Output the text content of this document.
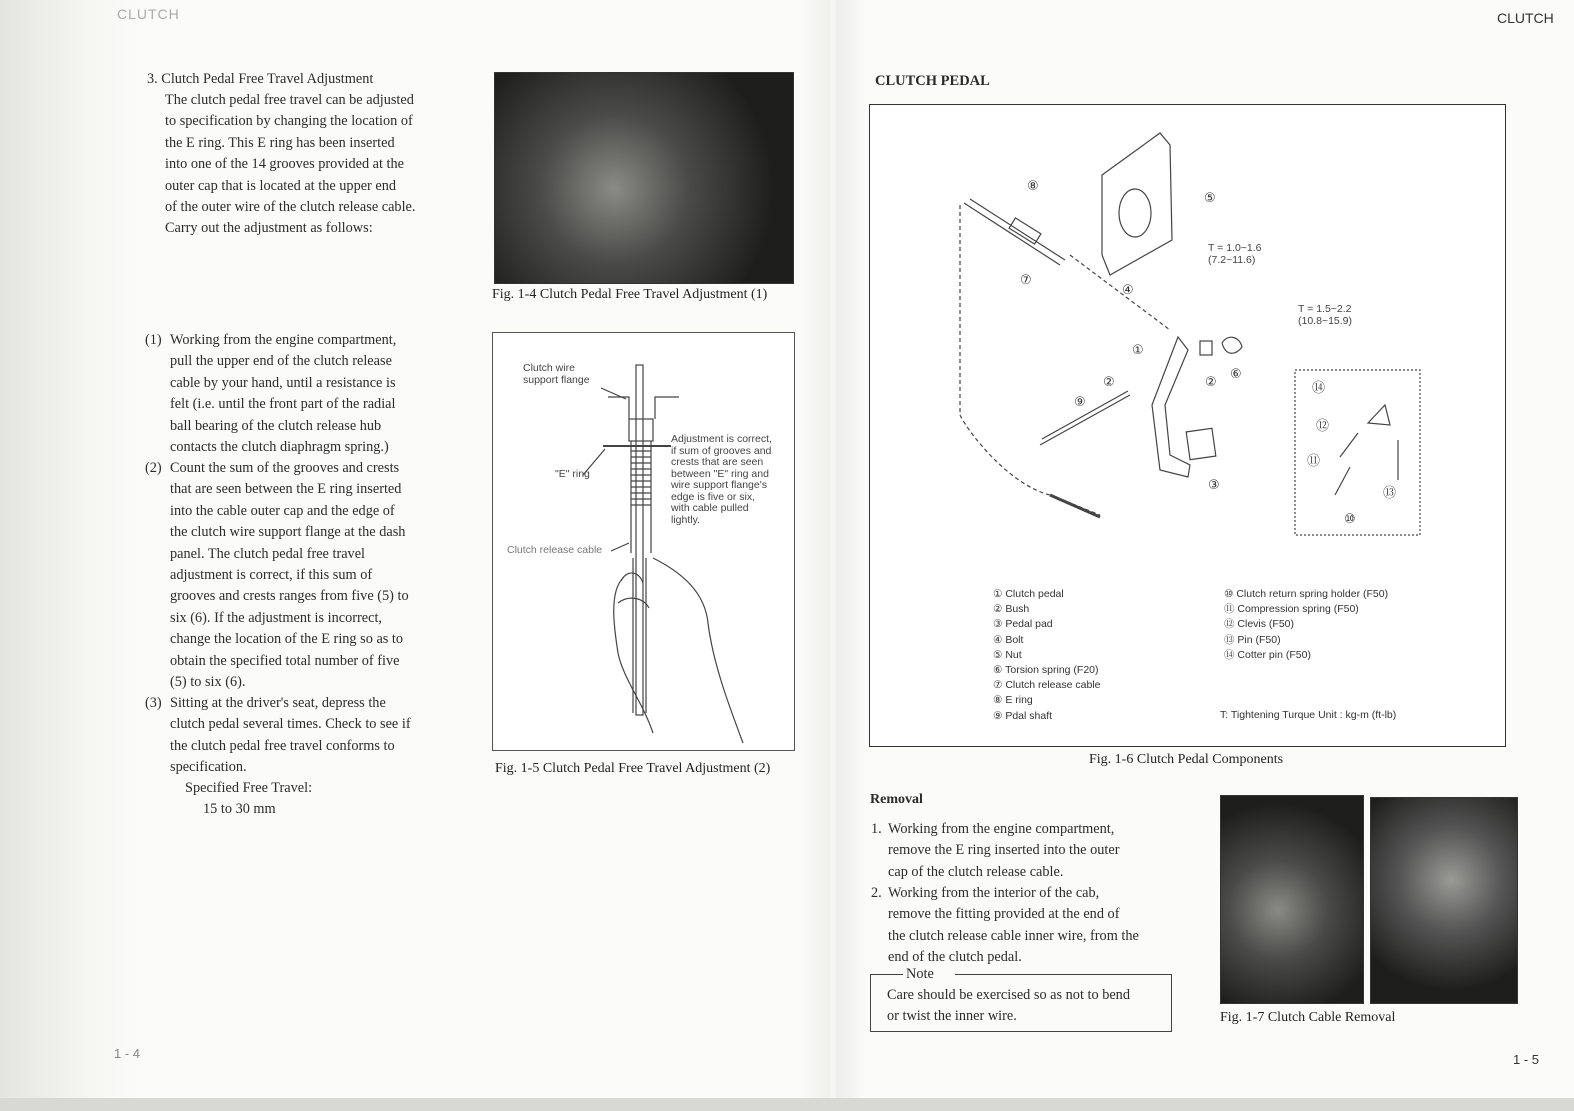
CLUTCH
3. Clutch Pedal Free Travel Adjustment
The clutch pedal free travel can be adjusted
to specification by changing the location of
the E ring. This E ring has been inserted
into one of the 14 grooves provided at the
outer cap that is located at the upper end
of the outer wire of the clutch release cable.
Carry out the adjustment as follows:
(1) Working from the engine compartment,
pull the upper end of the clutch release
cable by your hand, until a resistance is
felt (i.e. until the front part of the radial
ball bearing of the clutch release hub
contacts the clutch diaphragm spring.)
(2) Count the sum of the grooves and crests
that are seen between the E ring inserted
into the cable outer cap and the edge of
the clutch wire support flange at the dash
panel. The clutch pedal free travel
adjustment is correct, if this sum of
grooves and crests ranges from five (5) to
six (6). If the adjustment is incorrect,
change the location of the E ring so as to
obtain the specified total number of five
(5) to six (6).
(3) Sitting at the driver's seat, depress the
clutch pedal several times. Check to see if
the clutch pedal free travel conforms to
specification.
Specified Free Travel:
15 to 30 mm
Fig. 1-4 Clutch Pedal Free Travel Adjustment (1)
Clutch wire
support flange
"E" ring
Clutch release cable
Adjustment is correct,
if sum of grooves and
crests that are seen
between "E" ring and
wire support flange's
edge is five or six,
with cable pulled
lightly.
Fig. 1-5 Clutch Pedal Free Travel Adjustment (2)
1 - 4
CLUTCH
CLUTCH PEDAL
⑧
⑤
⑦
④
①
②	②
⑥
⑨
③
⑭
⑫
⑪
⑬
⑩
T = 1.0~1.6
(7.2~11.6)
T = 1.5~2.2
(10.8~15.9)
① Clutch pedal
② Bush
③ Pedal pad
④ Bolt
⑤ Nut
⑥ Torsion spring (F20)
⑦ Clutch release cable
⑧ E ring
⑨ Pdal shaft
⑩ Clutch return spring holder (F50)
⑪ Compression spring (F50)
⑫ Clevis (F50)
⑬ Pin (F50)
⑭ Cotter pin (F50)
T: Tightening Turque Unit : kg-m (ft-lb)
Fig. 1-6 Clutch Pedal Components
Removal
1. Working from the engine compartment,
remove the E ring inserted into the outer
cap of the clutch release cable.
2. Working from the interior of the cab,
remove the fitting provided at the end of
the clutch release cable inner wire, from the
end of the clutch pedal.
Note
Care should be exercised so as not to bend
or twist the inner wire.	Fig. 1-7 Clutch Cable Removal
1 - 5
